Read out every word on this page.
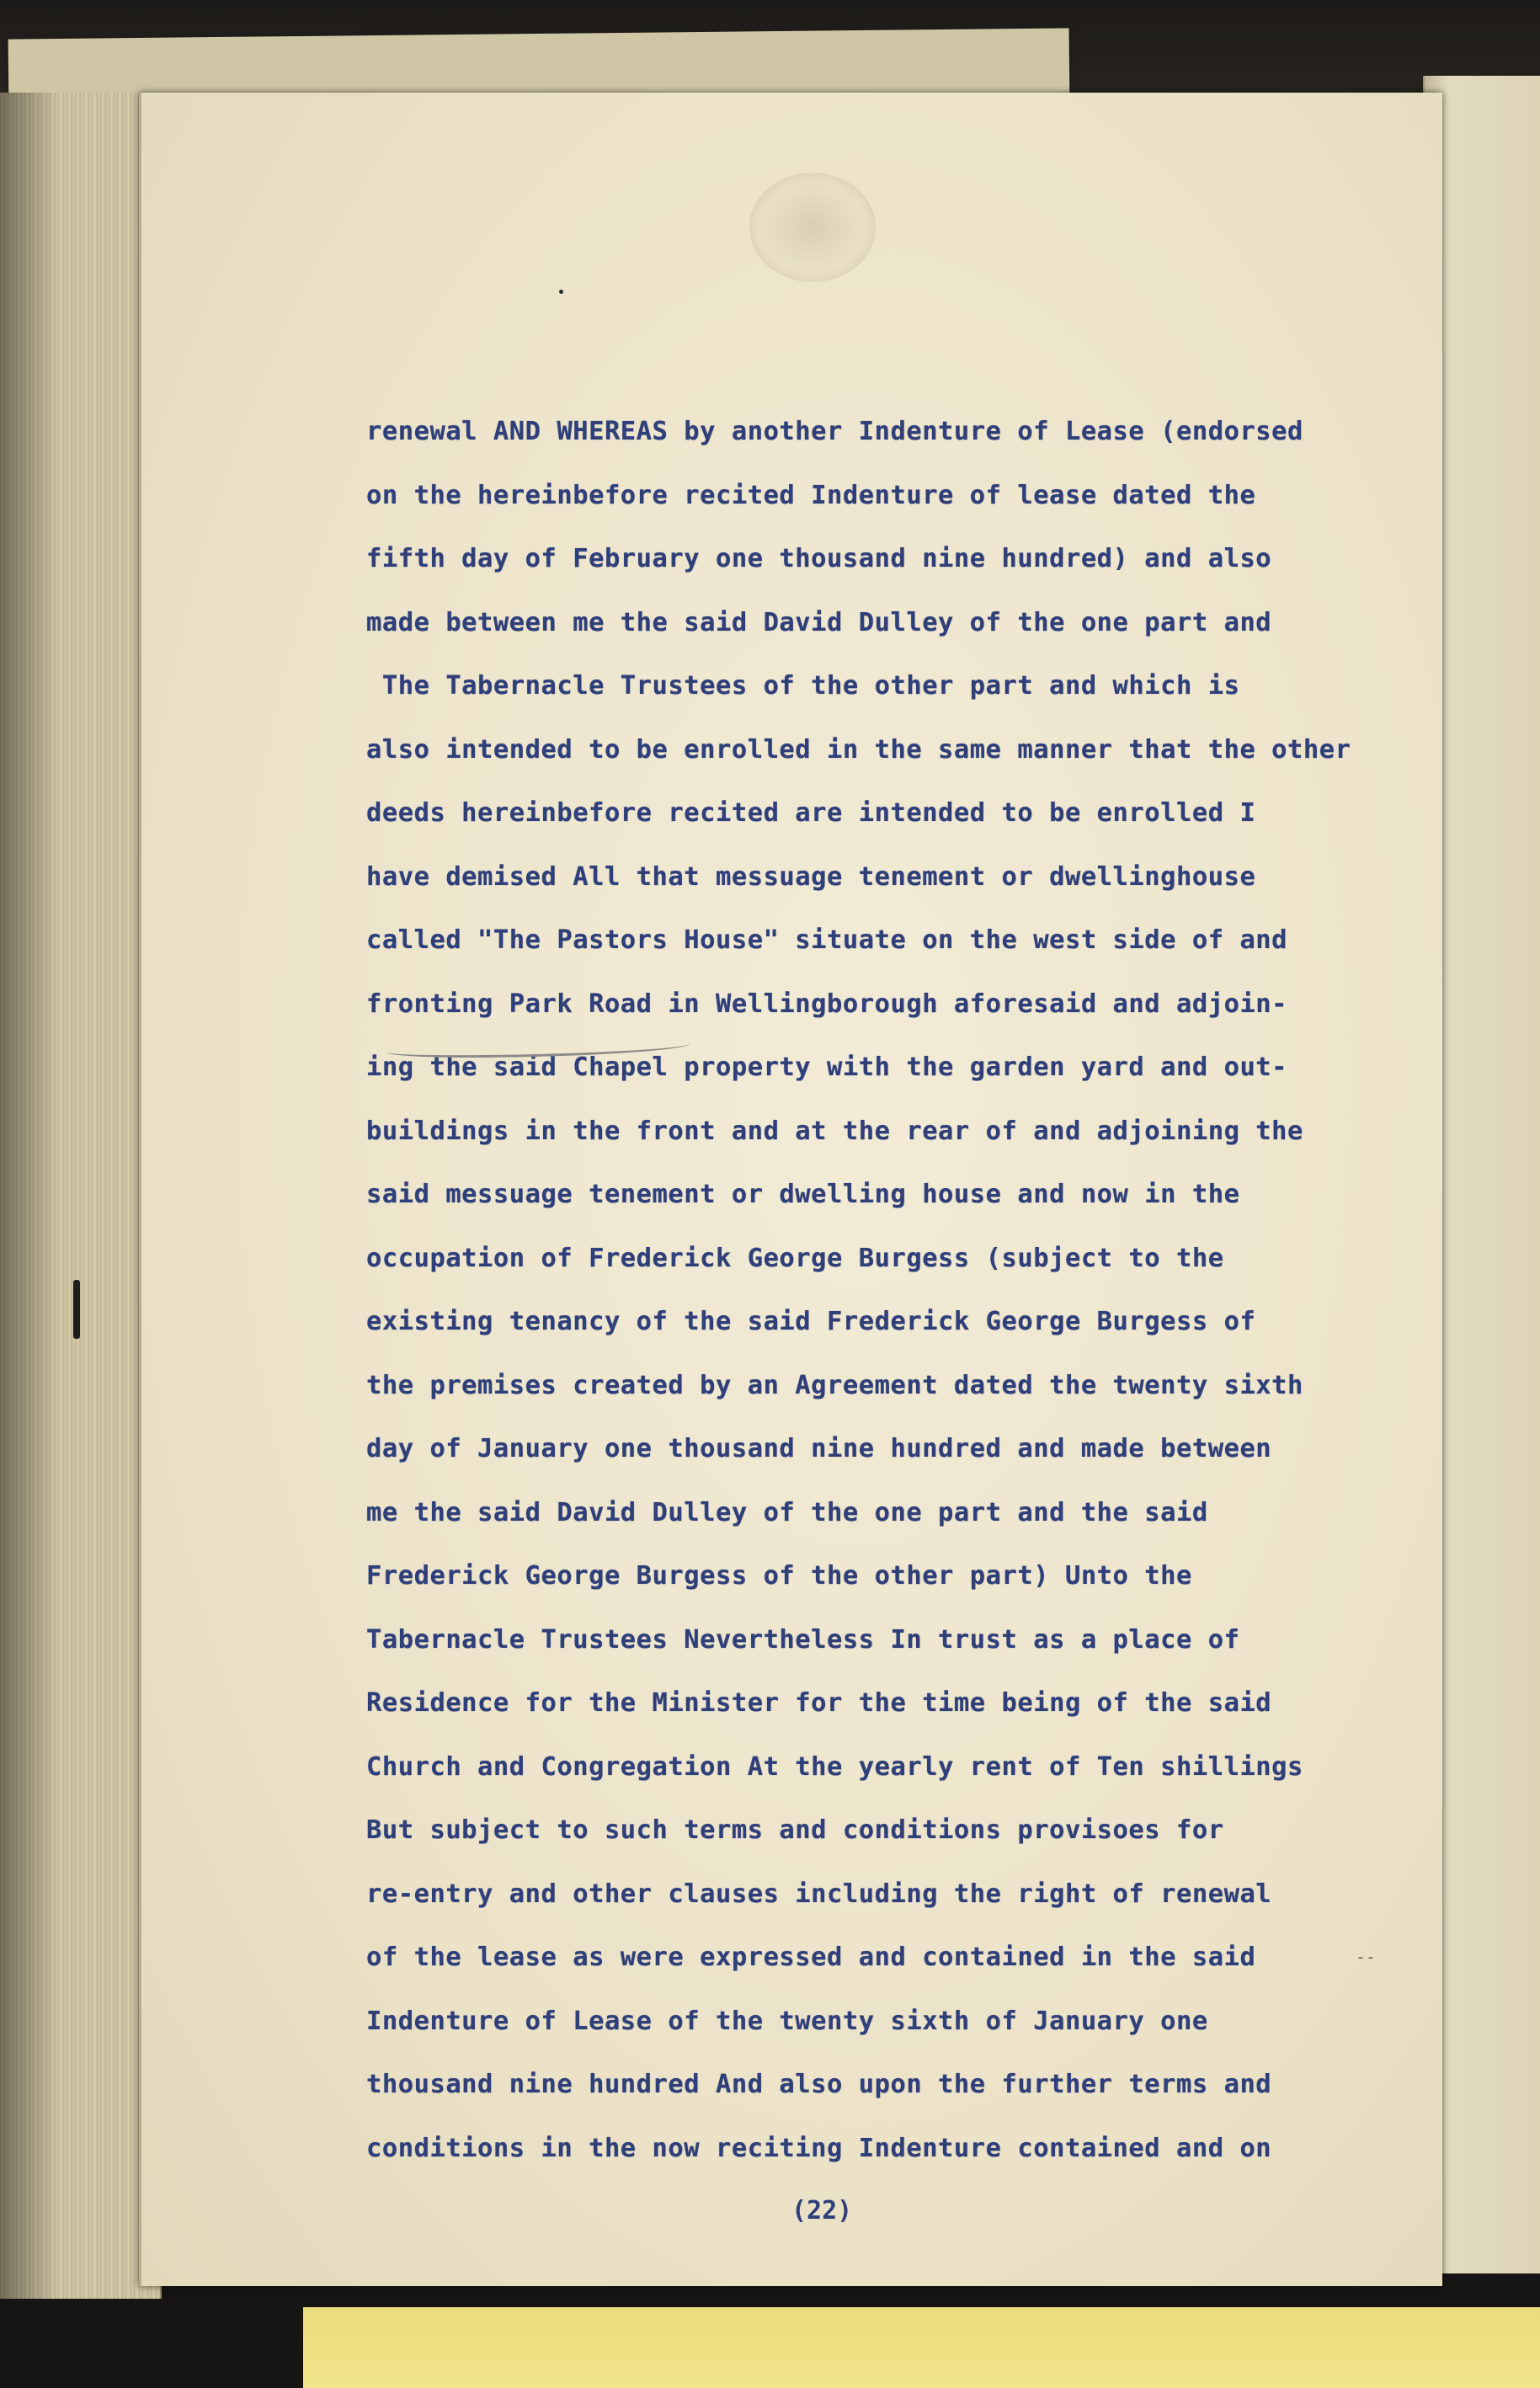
renewal AND WHEREAS by another Indenture of Lease (endorsed
on the hereinbefore recited Indenture of lease dated the
fifth day of February one thousand nine hundred) and also
made between me the said David Dulley of the one part and
The Tabernacle Trustees of the other part and which is
also intended to be enrolled in the same manner that the other
deeds hereinbefore recited are intended to be enrolled I
have demised All that messuage tenement or dwellinghouse
called "The Pastors House" situate on the west side of and
fronting Park Road in Wellingborough aforesaid and adjoin-
ing the said Chapel property with the garden yard and out-
buildings in the front and at the rear of and adjoining the
said messuage tenement or dwelling house and now in the
occupation of Frederick George Burgess (subject to the
existing tenancy of the said Frederick George Burgess of
the premises created by an Agreement dated the twenty sixth
day of January one thousand nine hundred and made between
me the said David Dulley of the one part and the said
Frederick George Burgess of the other part) Unto the
Tabernacle Trustees Nevertheless In trust as a place of
Residence for the Minister for the time being of the said
Church and Congregation At the yearly rent of Ten shillings
But subject to such terms and conditions provisoes for
re-entry and other clauses including the right of renewal
of the lease as were expressed and contained in the said
Indenture of Lease of the twenty sixth of January one
thousand nine hundred And also upon the further terms and
conditions in the now reciting Indenture contained and on
--
(22)
